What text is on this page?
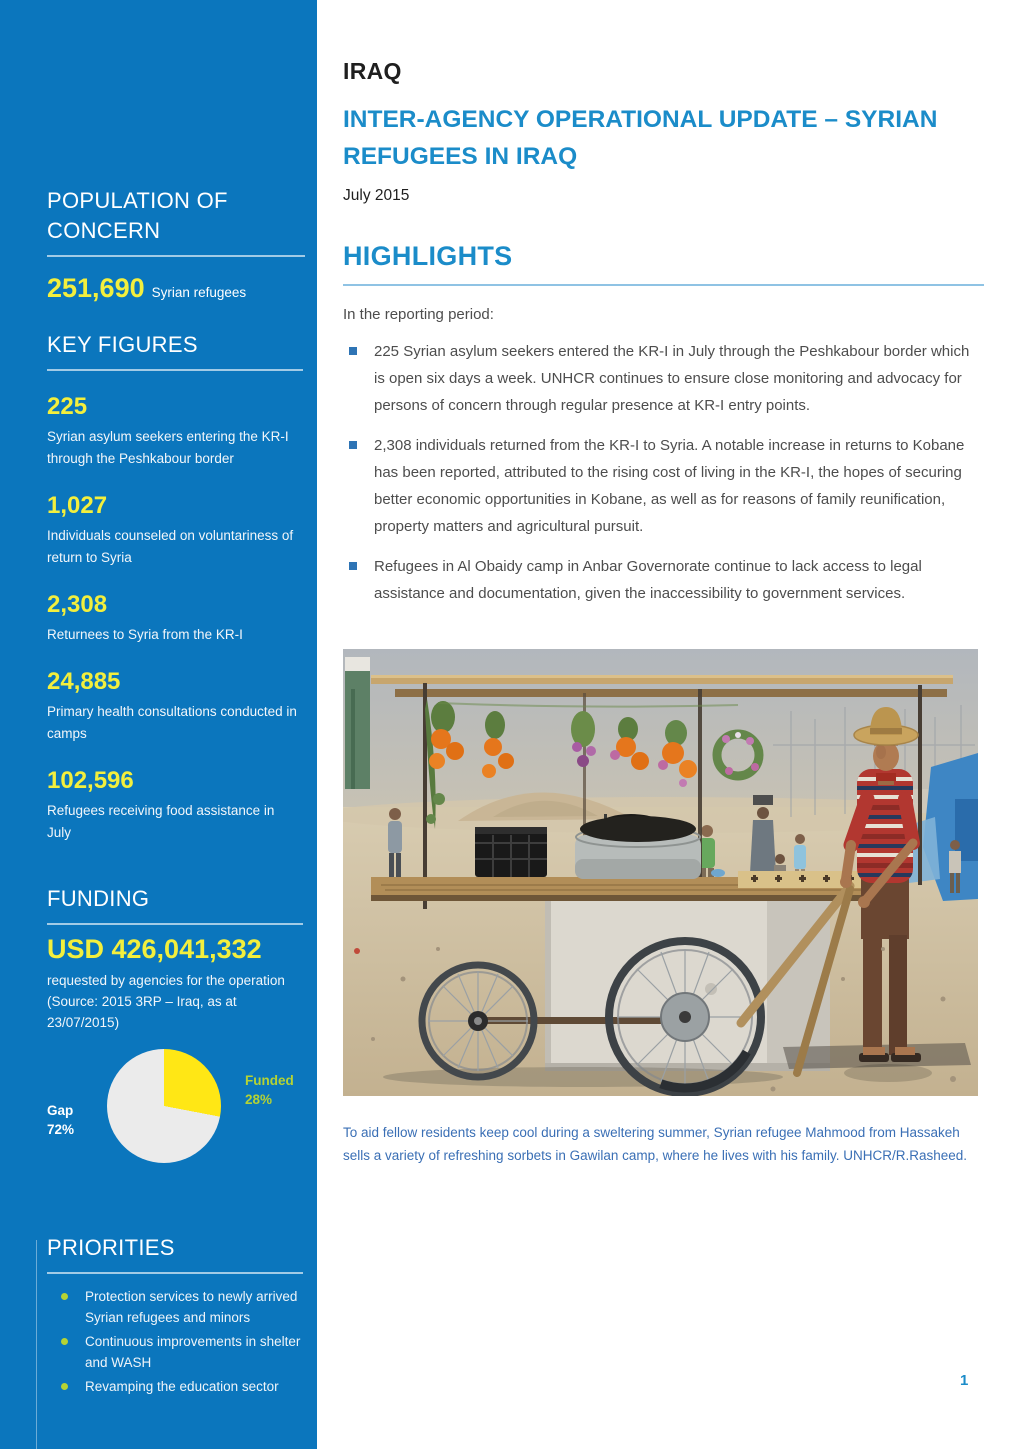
POPULATION OF CONCERN
251,690 Syrian refugees
KEY FIGURES
225
Syrian asylum seekers entering the KR-I through the Peshkabour border
1,027
Individuals counseled on voluntariness of return to Syria
2,308
Returnees to Syria from the KR-I
24,885
Primary health consultations conducted in camps
102,596
Refugees receiving food assistance in July
FUNDING
USD 426,041,332
requested by agencies for the operation (Source: 2015 3RP – Iraq, as at 23/07/2015)
Funded
28%
Gap
72%
PRIORITIES
Protection services to newly arrived Syrian refugees and minors
Continuous improvements in shelter and WASH
Revamping the education sector
IRAQ
INTER-AGENCY OPERATIONAL UPDATE – SYRIAN REFUGEES IN IRAQ
July 2015
HIGHLIGHTS

In the reporting period:

225 Syrian asylum seekers entered the KR-I in July through the Peshkabour border which is open six days a week. UNHCR continues to ensure close monitoring and advocacy for persons of concern through regular presence at KR-I entry points.
2,308 individuals returned from the KR-I to Syria. A notable increase in returns to Kobane has been reported, attributed to the rising cost of living in the KR-I, the hopes of securing better economic opportunities in Kobane, as well as for reasons of family reunification, property matters and agricultural pursuit.
Refugees in Al Obaidy camp in Anbar Governorate continue to lack access to legal assistance and documentation, given the inaccessibility to government services.

To aid fellow residents keep cool during a sweltering summer, Syrian refugee Mahmood from Hassakeh sells a variety of refreshing sorbets in Gawilan camp, where he lives with his family. UNHCR/R.Rasheed.

1
